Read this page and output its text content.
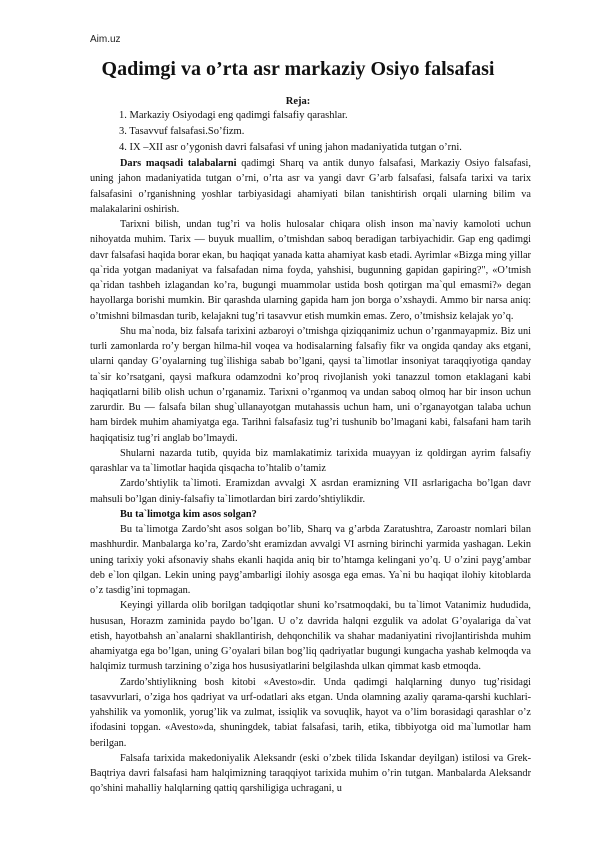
Aim.uz
Qadimgi va o’rta asr markaziy Osiyo falsafasi
Reja:
1. Markaziy Osiyodagi eng qadimgi falsafiy qarashlar.
3. Tasavvuf falsafasi.So’fizm.
4. IX –XII asr o’ygonish davri falsafasi vf uning jahon madaniyatida tutgan o’rni.

Dars maqsadi talabalarni qadimgi Sharq va antik dunyo falsafasi, Markaziy Osiyo falsafasi, uning jahon madaniyatida tutgan o’rni, o’rta asr va yangi davr G’arb falsafasi, falsafa tarixi va tarix falsafasini o’rganishning yoshlar tarbiyasidagi ahamiyati bilan tanishtirish orqali ularning bilim va malakalarini oshirish.

Tarixni bilish, undan tug’ri va holis hulosalar chiqara olish inson ma`naviy kamoloti uchun nihoyatda muhim. Tarix — buyuk muallim, o’tmishdan saboq beradigan tarbiyachidir. Gap eng qadimgi davr falsafasi haqida borar ekan, bu haqiqat yanada katta ahamiyat kasb etadi. Ayrimlar «Bizga ming yillar qa`rida yotgan madaniyat va falsafadan nima foyda, yahshisi, bugunning gapidan gapiring?", «O’tmish qa`ridan tashbeh izlagandan ko’ra, bugungi muammolar ustida bosh qotirgan ma`qul emasmi?» degan hayollarga borishi mumkin. Bir qarashda ularning gapida ham jon borga o’xshaydi. Ammo bir narsa aniq: o’tmishni bilmasdan turib, kelajakni tug’ri tasavvur etish mumkin emas. Zero, o’tmishsiz kelajak yo’q.

Shu ma`noda, biz falsafa tarixini azbaroyi o’tmishga qiziqqanimiz uchun o’rganmayapmiz. Biz uni turli zamonlarda ro’y bergan hilma-hil voqea va hodisalarning falsafiy fikr va ongida qanday aks etgani, ularni qanday G’oyalarning tug`ilishiga sabab bo’lgani, qaysi ta`limotlar insoniyat taraqqiyotiga qanday ta`sir ko’rsatgani, qaysi mafkura odamzodni ko’proq rivojlanish yoki tanazzul tomon etaklagani kabi haqiqatlarni bilib olish uchun o’rganamiz. Tarixni o’rganmoq va undan saboq olmoq har bir inson uchun zarurdir. Bu — falsafa bilan shug`ullanayotgan mutahassis uchun ham, uni o’rganayotgan talaba uchun ham birdek muhim ahamiyatga ega. Tarihni falsafasiz tug’ri tushunib bo’lmagani kabi, falsafani ham tarih haqiqatisiz tug’ri anglab bo’lmaydi.

Shularni nazarda tutib, quyida biz mamlakatimiz tarixida muayyan iz qoldirgan ayrim falsafiy qarashlar va ta`limotlar haqida qisqacha to’htalib o’tamiz

Zardo’shtiylik ta`limoti. Eramizdan avvalgi X asrdan eramizning VII asrlarigacha bo’lgan davr mahsuli bo’lgan diniy-falsafiy ta`limotlardan biri zardo’shtiylikdir.

Bu ta`limotga kim asos solgan?

Bu ta`limotga Zardo’sht asos solgan bo’lib, Sharq va g’arbda Zaratushtra, Zaroastr nomlari bilan mashhurdir. Manbalarga ko’ra, Zardo’sht eramizdan avvalgi VI asrning birinchi yarmida yashagan. Lekin uning tarixiy yoki afsonaviy shahs ekanli haqida aniq bir to’htamga kelingani yo’q. U o’zini payg’ambar deb e`lon qilgan. Lekin uning payg’ambarligi ilohiy asosga ega emas. Ya`ni bu haqiqat ilohiy kitoblarda o’z tasdig’ini topmagan.

Keyingi yillarda olib borilgan tadqiqotlar shuni ko’rsatmoqdaki, bu ta`limot Vatanimiz hududida, hususan, Horazm zaminida paydo bo’lgan. U o’z davrida halqni ezgulik va adolat G’oyalariga da`vat etish, hayotbahsh an`analarni shakllantirish, dehqonchilik va shahar madaniyatini rivojlantirishda muhim ahamiyatga ega bo’lgan, uning G’oyalari bilan bog’liq qadriyatlar bugungi kungacha yashab kelmoqda va halqimiz turmush tarzining o’ziga hos hususiyatlarini belgilashda ulkan qimmat kasb etmoqda.

Zardo’shtiylikning bosh kitobi «Avesto»dir. Unda qadimgi halqlarning dunyo tug’risidagi tasavvurlari, o’ziga hos qadriyat va urf-odatlari aks etgan. Unda olamning azaliy qarama-qarshi kuchlari- yahshilik va yomonlik, yorug’lik va zulmat, issiqlik va sovuqlik, hayot va o’lim borasidagi qarashlar o’z ifodasini topgan. «Avesto»da, shuningdek, tabiat falsafasi, tarih, etika, tibbiyotga oid ma`lumotlar ham berilgan.

Falsafa tarixida makedoniyalik Aleksandr (eski o’zbek tilida Iskandar deyilgan) istilosi va Grek-Baqtriya davri falsafasi ham halqimizning taraqqiyot tarixida muhim o’rin tutgan. Manbalarda Aleksandr qo’shini mahalliy halqlarning qattiq qarshiligiga uchragani, u
